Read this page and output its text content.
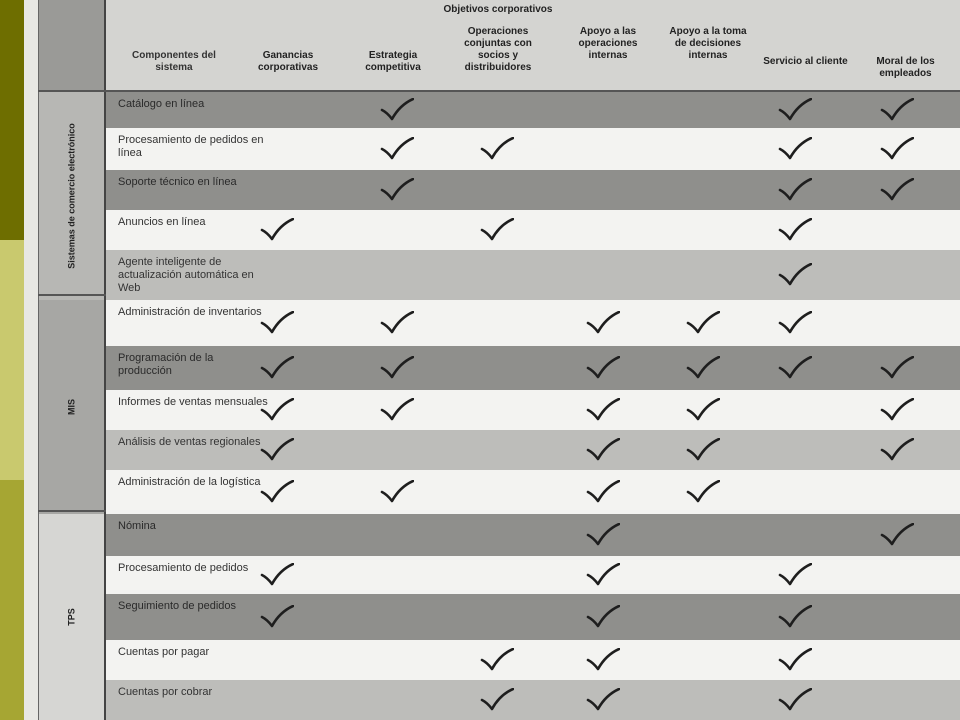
Objetivos corporativos
Componentes del sistema
Ganancias corporativas
Estrategia competitiva
Operaciones conjuntas con socios y distribuidores
Apoyo a las operaciones internas
Apoyo a la toma de decisiones internas
Servicio al cliente	Moral de los empleados
Sistemas de comercio electrónico
MIS
TPS
Catálogo en línea
Procesamiento de pedidos en línea
Soporte técnico en línea
Anuncios en línea
Agente inteligente de actualización automática en Web
Administración de inventarios
Programación de la producción
Informes de ventas mensuales
Análisis de ventas regionales
Administración de la logística
Nómina
Procesamiento de pedidos
Seguimiento de pedidos
Cuentas por pagar
Cuentas por cobrar
